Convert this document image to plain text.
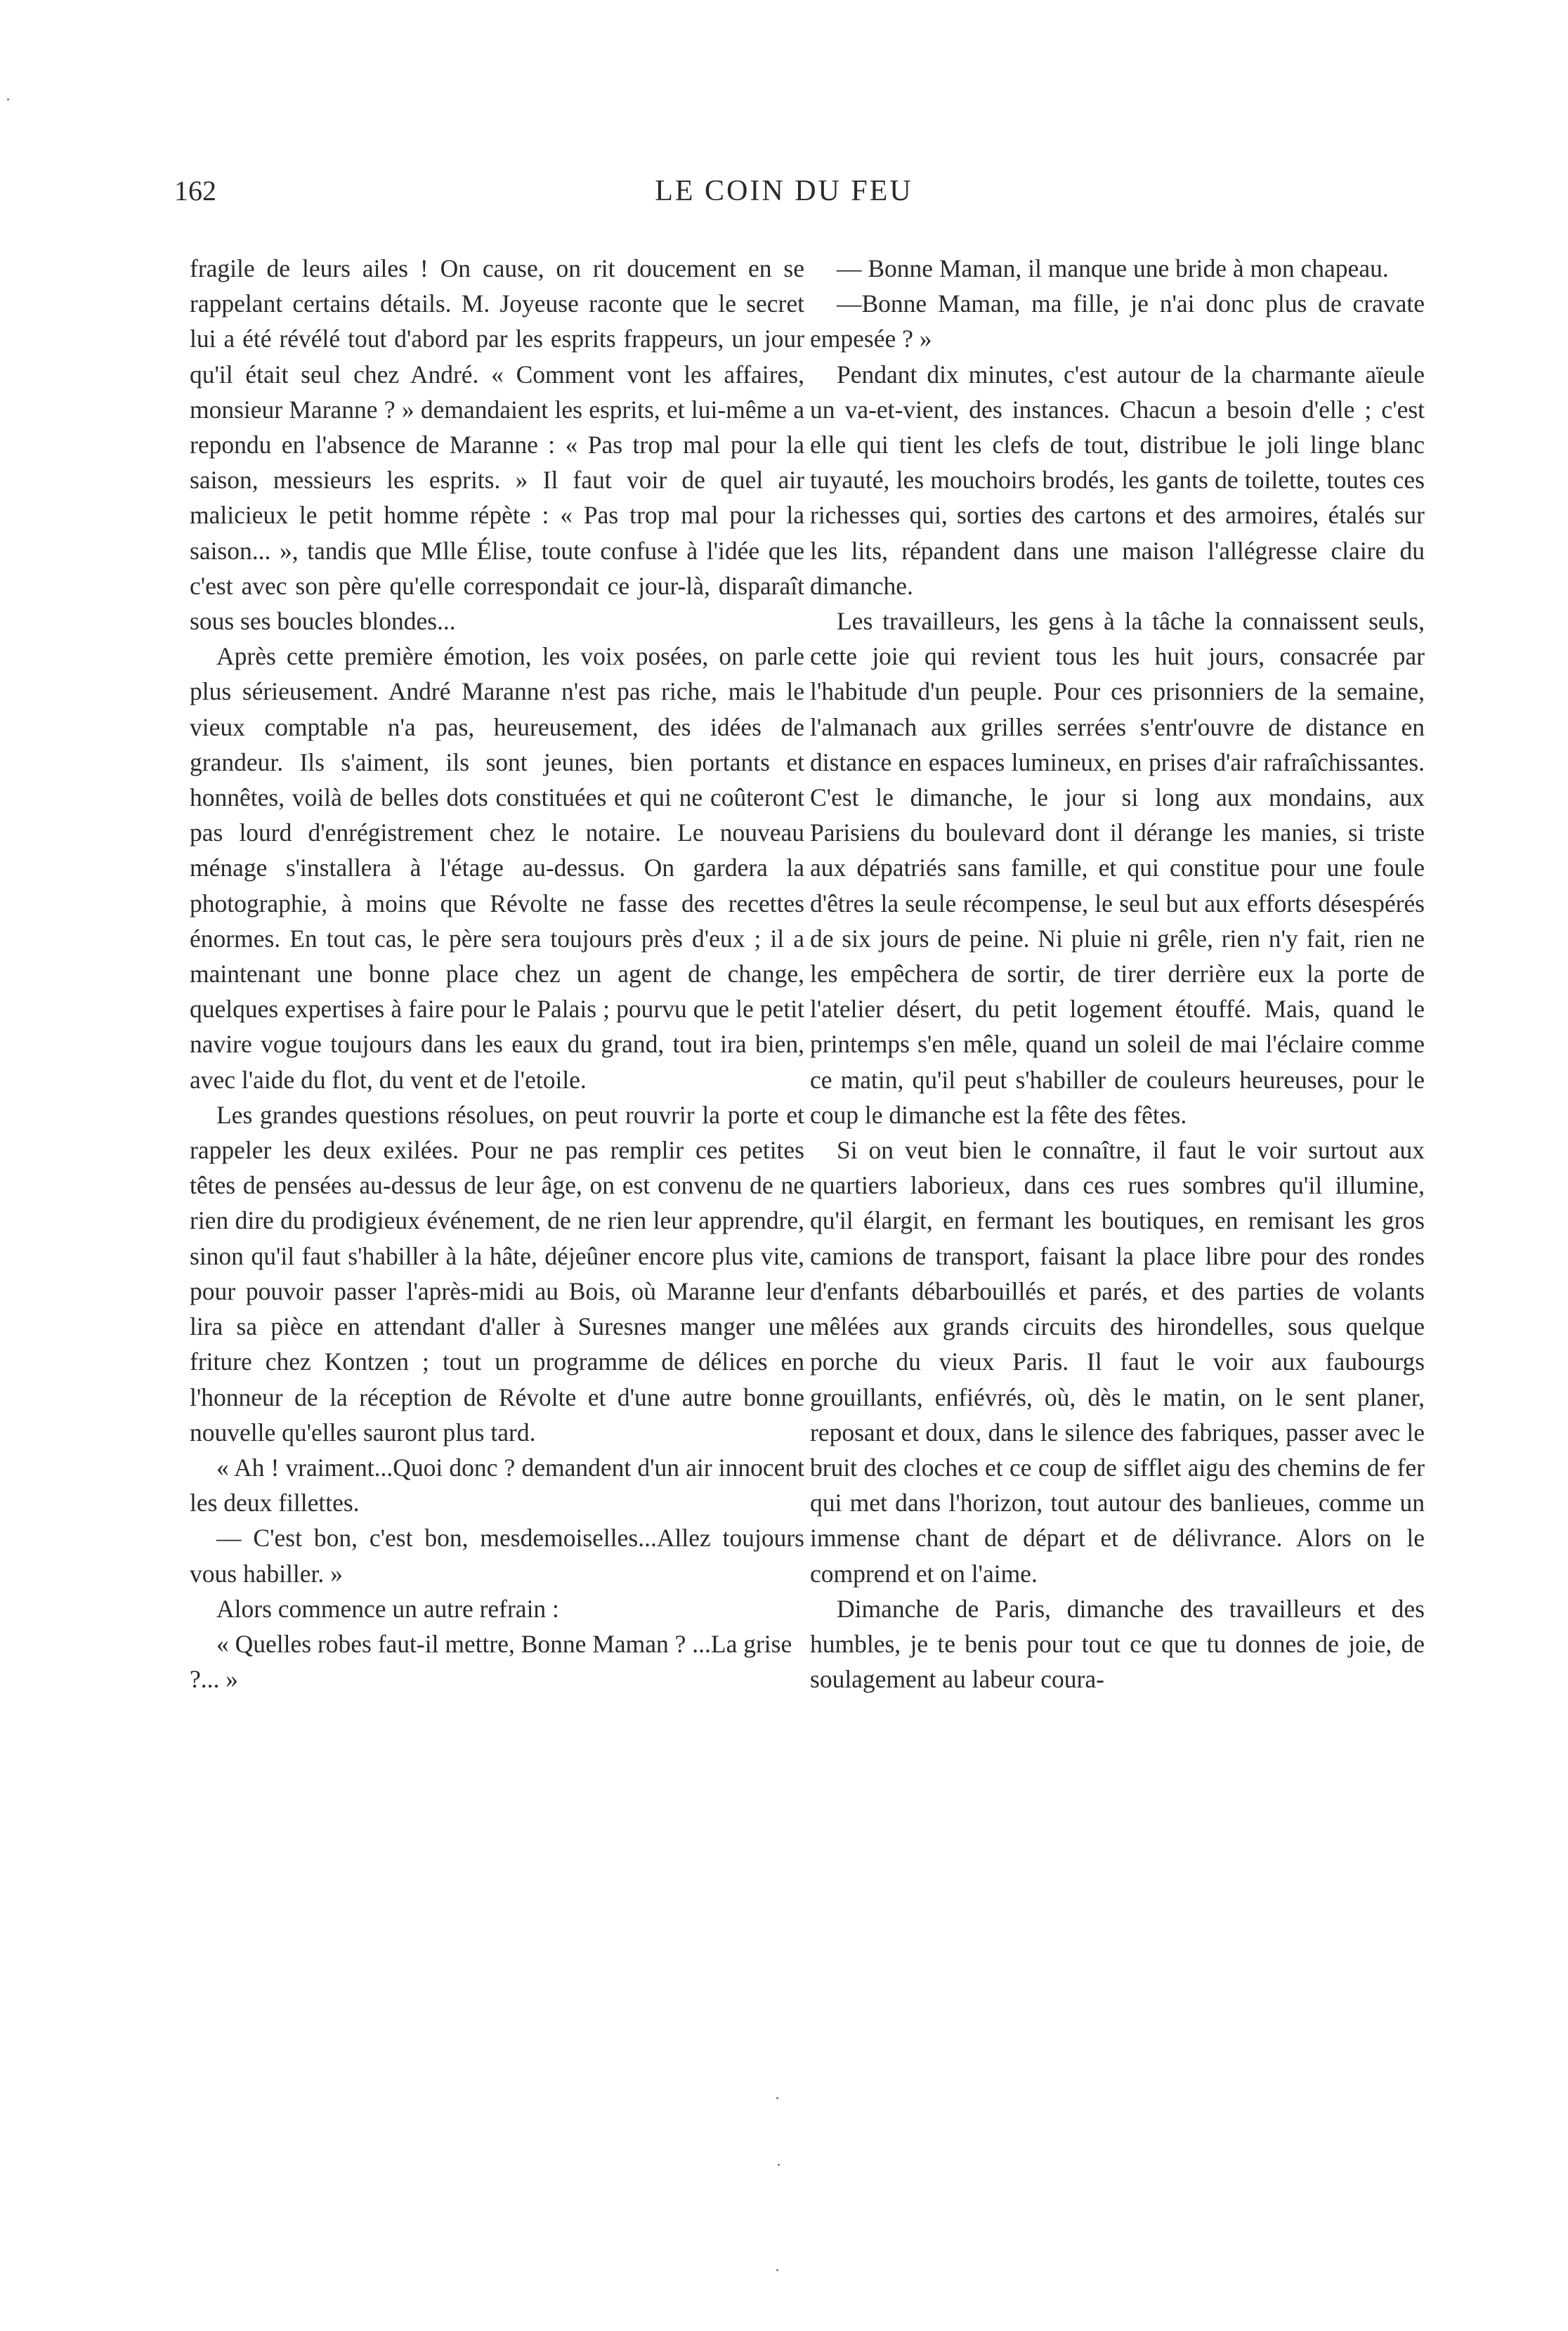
162	LE COIN DU FEU

fragile de leurs ailes ! On cause, on rit doucement en se rappelant certains détails. M. Joyeuse raconte que le secret lui a été révélé tout d'abord par les esprits frappeurs, un jour qu'il était seul chez André. « Comment vont les affaires, monsieur Maranne ? » demandaient les esprits, et lui-même a repondu en l'absence de Maranne : « Pas trop mal pour la saison, messieurs les esprits. » Il faut voir de quel air malicieux le petit homme répète : « Pas trop mal pour la saison... », tandis que Mlle Élise, toute confuse à l'idée que c'est avec son père qu'elle correspondait ce jour-là, disparaît sous ses boucles blondes...

Après cette première émotion, les voix posées, on parle plus sérieusement. André Maranne n'est pas riche, mais le vieux comptable n'a pas, heureusement, des idées de grandeur. Ils s'aiment, ils sont jeunes, bien portants et honnêtes, voilà de belles dots constituées et qui ne coûteront pas lourd d'enrégistrement chez le notaire. Le nouveau ménage s'installera à l'étage au-dessus. On gardera la photographie, à moins que Révolte ne fasse des recettes énormes. En tout cas, le père sera toujours près d'eux ; il a maintenant une bonne place chez un agent de change, quelques expertises à faire pour le Palais ; pourvu que le petit navire vogue toujours dans les eaux du grand, tout ira bien, avec l'aide du flot, du vent et de l'etoile.

Les grandes questions résolues, on peut rouvrir la porte et rappeler les deux exilées. Pour ne pas remplir ces petites têtes de pensées au-dessus de leur âge, on est convenu de ne rien dire du prodigieux événement, de ne rien leur apprendre, sinon qu'il faut s'habiller à la hâte, déjeûner encore plus vite, pour pouvoir passer l'après-midi au Bois, où Maranne leur lira sa pièce en attendant d'aller à Suresnes manger une friture chez Kontzen ; tout un programme de délices en l'honneur de la réception de Révolte et d'une autre bonne nouvelle qu'elles sauront plus tard.

« Ah ! vraiment...Quoi donc ? demandent d'un air innocent les deux fillettes.

— C'est bon, c'est bon, mesdemoiselles...Allez toujours vous habiller. »

Alors commence un autre refrain :

« Quelles robes faut-il mettre, Bonne Maman ? ...La grise ?... »

— Bonne Maman, il manque une bride à mon chapeau.

—Bonne Maman, ma fille, je n'ai donc plus de cravate empesée ? »

Pendant dix minutes, c'est autour de la charmante aïeule un va-et-vient, des instances. Chacun a besoin d'elle ; c'est elle qui tient les clefs de tout, distribue le joli linge blanc tuyauté, les mouchoirs brodés, les gants de toilette, toutes ces richesses qui, sorties des cartons et des armoires, étalés sur les lits, répandent dans une maison l'allégresse claire du dimanche.

Les travailleurs, les gens à la tâche la connaissent seuls, cette joie qui revient tous les huit jours, consacrée par l'habitude d'un peuple. Pour ces prisonniers de la semaine, l'almanach aux grilles serrées s'entr'ouvre de distance en distance en espaces lumineux, en prises d'air rafraîchissantes. C'est le dimanche, le jour si long aux mondains, aux Parisiens du boulevard dont il dérange les manies, si triste aux dépatriés sans famille, et qui constitue pour une foule d'êtres la seule récompense, le seul but aux efforts désespérés de six jours de peine. Ni pluie ni grêle, rien n'y fait, rien ne les empêchera de sortir, de tirer derrière eux la porte de l'atelier désert, du petit logement étouffé. Mais, quand le printemps s'en mêle, quand un soleil de mai l'éclaire comme ce matin, qu'il peut s'habiller de couleurs heureuses, pour le coup le dimanche est la fête des fêtes.

Si on veut bien le connaître, il faut le voir surtout aux quartiers laborieux, dans ces rues sombres qu'il illumine, qu'il élargit, en fermant les boutiques, en remisant les gros camions de transport, faisant la place libre pour des rondes d'enfants débarbouillés et parés, et des parties de volants mêlées aux grands circuits des hirondelles, sous quelque porche du vieux Paris. Il faut le voir aux faubourgs grouillants, enfiévrés, où, dès le matin, on le sent planer, reposant et doux, dans le silence des fabriques, passer avec le bruit des cloches et ce coup de sifflet aigu des chemins de fer qui met dans l'horizon, tout autour des banlieues, comme un immense chant de départ et de délivrance. Alors on le comprend et on l'aime.

Dimanche de Paris, dimanche des travailleurs et des humbles, je te benis pour tout ce que tu donnes de joie, de soulagement au labeur coura-
